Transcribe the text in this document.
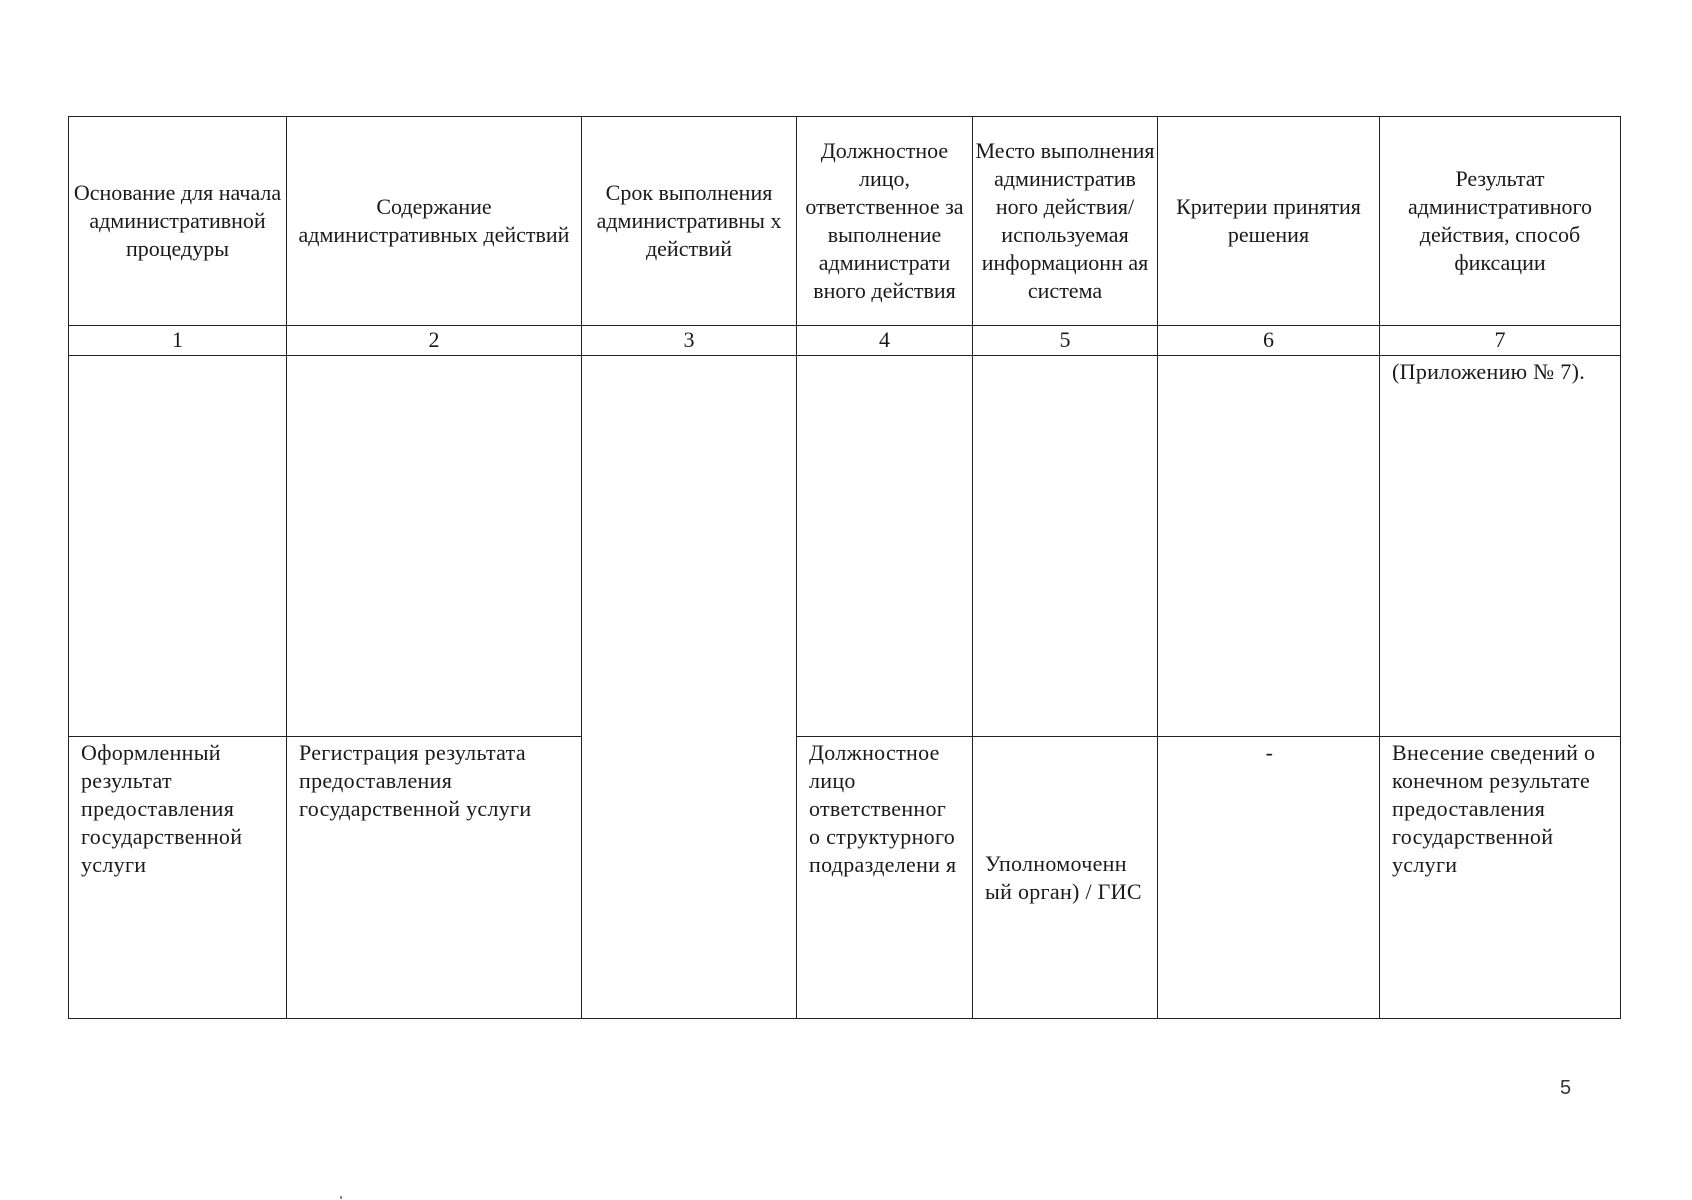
Основание для начала административной процедуры	Содержание административных действий	Срок выполнения административны х действий	Должностное лицо, ответственное за выполнение администрати вного действия	Место выполнения административ ного действия/ используемая информационн ая система	Критерии принятия решения	Результат административного действия, способ фиксации
1	2	3	4	5	6	7

						(Приложению № 7).

Оформленный результат предоставления государственной услуги	Регистрация результата предоставления государственной услуги		Должностное лицо ответственног о структурного подразделени я	Уполномоченн ый орган) / ГИС	-	Внесение сведений о конечном результате предоставления государственной услуги
5
